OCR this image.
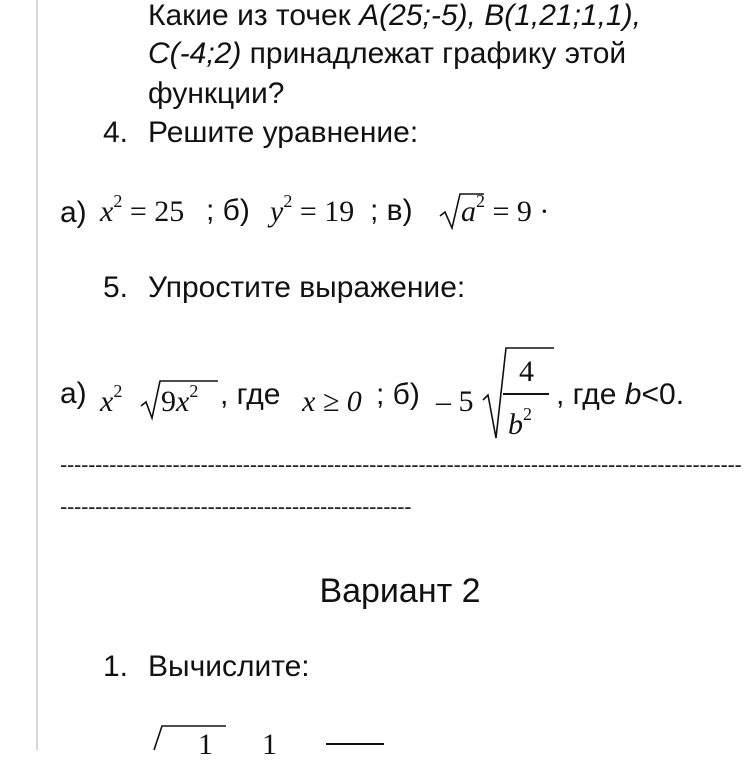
Какие из точек A(25;-5), B(1,21;1,1),
C(-4;2) принадлежат графику этой
функции?
4. Решите уравнение:
а) $x^2 = 25$ ; б) $y^2 = 19$ ; в) $a^2 = 9$ ·
5. Упростите выражение:
а) $x^2$ $9x^2$ , где x ≥ 0 ; б) – 5
4
$b^2$
, где b<0.
-------------------------------------------------------------------------------------------------
--------------------------------------------------
Вариант 2
1. Вычислите:
1 1
